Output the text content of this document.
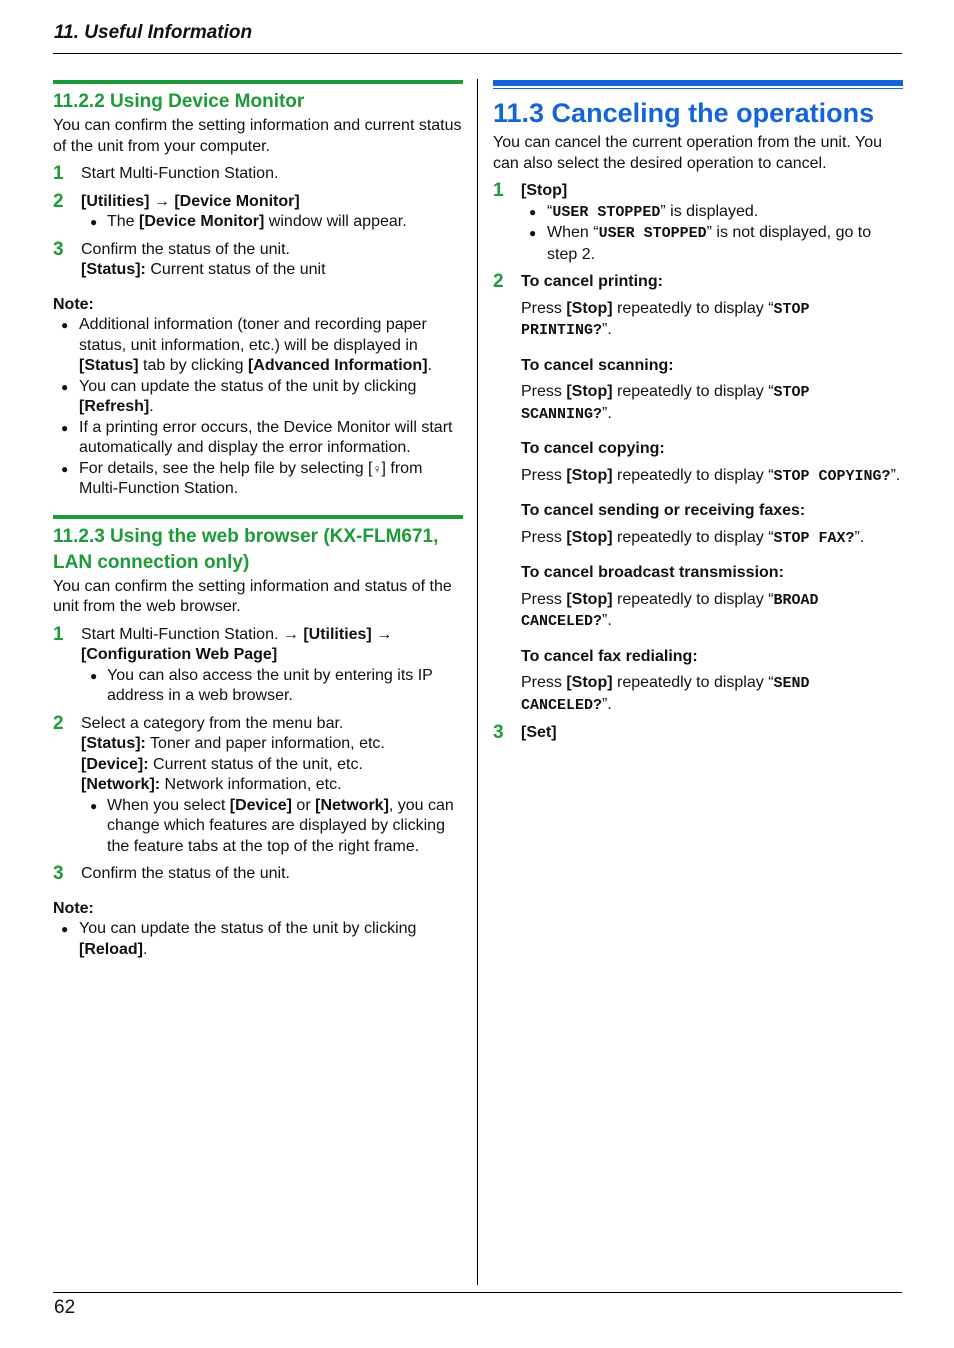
11. Useful Information
11.2.2 Using Device Monitor

You can confirm the setting information and current status of the unit from your computer.

1	Start Multi-Function Station.
2	[Utilities] → [Device Monitor]
● The [Device Monitor] window will appear.
3	Confirm the status of the unit.
[Status]: Current status of the unit
Note:
● Additional information (toner and recording paper status, unit information, etc.) will be displayed in [Status] tab by clicking [Advanced Information].
● You can update the status of the unit by clicking [Refresh].
● If a printing error occurs, the Device Monitor will start automatically and display the error information.
● For details, see the help file by selecting [♀] from Multi-Function Station.
11.2.3 Using the web browser (KX-FLM671, LAN connection only)

You can confirm the setting information and status of the unit from the web browser.

1	Start Multi-Function Station. → [Utilities] → [Configuration Web Page]
● You can also access the unit by entering its IP address in a web browser.
2	Select a category from the menu bar.
[Status]: Toner and paper information, etc.
[Device]: Current status of the unit, etc.
[Network]: Network information, etc.
● When you select [Device] or [Network], you can change which features are displayed by clicking the feature tabs at the top of the right frame.
3	Confirm the status of the unit.
Note:
● You can update the status of the unit by clicking [Reload].
11.3 Canceling the operations

You can cancel the current operation from the unit. You can also select the desired operation to cancel.

1	[Stop]
● “USER STOPPED” is displayed.
● When “USER STOPPED” is not displayed, go to step 2.
2	To cancel printing:
Press [Stop] repeatedly to display “STOP PRINTING?”.
To cancel scanning:
Press [Stop] repeatedly to display “STOP SCANNING?”.
To cancel copying:
Press [Stop] repeatedly to display “STOP COPYING?”.
To cancel sending or receiving faxes:
Press [Stop] repeatedly to display “STOP FAX?”.
To cancel broadcast transmission:
Press [Stop] repeatedly to display “BROAD CANCELED?”.
To cancel fax redialing:
Press [Stop] repeatedly to display “SEND CANCELED?”.
3	[Set]
62
